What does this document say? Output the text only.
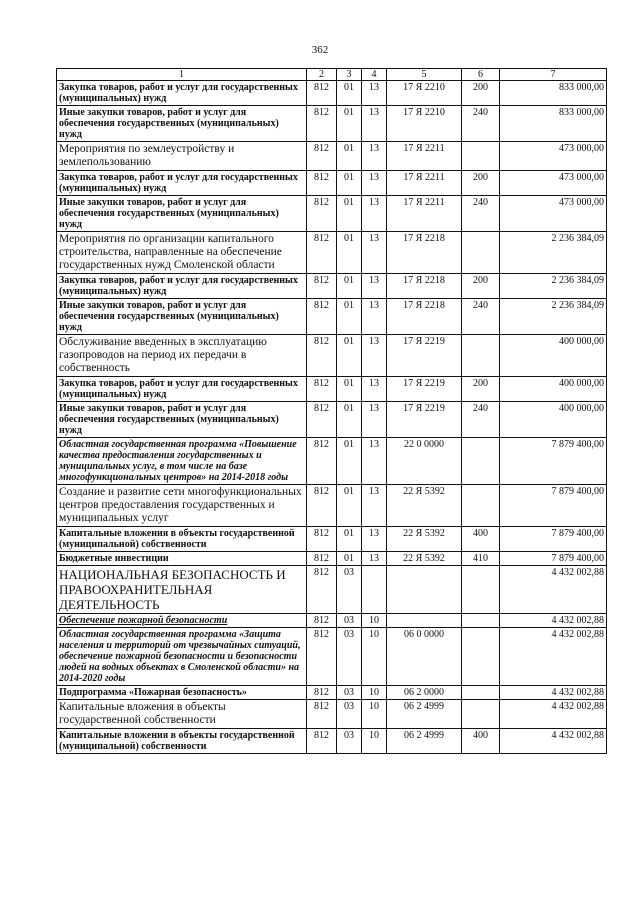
362
1	2	3	4	5	6	7
Закупка товаров, работ и услуг для государственных (муниципальных) нужд	812	01	13	17 Я 2210	200	833 000,00
Иные закупки товаров, работ и услуг для обеспечения государственных (муниципальных) нужд	812	01	13	17 Я 2210	240	833 000,00
Мероприятия по землеустройству и землепользованию	812	01	13	17 Я 2211		473 000,00
Закупка товаров, работ и услуг для государственных (муниципальных) нужд	812	01	13	17 Я 2211	200	473 000,00
Иные закупки товаров, работ и услуг для обеспечения государственных (муниципальных) нужд	812	01	13	17 Я 2211	240	473 000,00
Мероприятия по организации капитального строительства, направленные на обеспечение государственных нужд Смоленской области	812	01	13	17 Я 2218		2 236 384,09
Закупка товаров, работ и услуг для государственных (муниципальных) нужд	812	01	13	17 Я 2218	200	2 236 384,09
Иные закупки товаров, работ и услуг для обеспечения государственных (муниципальных) нужд	812	01	13	17 Я 2218	240	2 236 384,09
Обслуживание введенных в эксплуатацию газопроводов на период их передачи в собственность	812	01	13	17 Я 2219		400 000,00
Закупка товаров, работ и услуг для государственных (муниципальных) нужд	812	01	13	17 Я 2219	200	400 000,00
Иные закупки товаров, работ и услуг для обеспечения государственных (муниципальных) нужд	812	01	13	17 Я 2219	240	400 000,00
Областная государственная программа «Повышение качества предоставления государственных и муниципальных услуг, в том числе на базе многофункциональных центров» на 2014-2018 годы	812	01	13	22 0 0000		7 879 400,00
Создание и развитие сети многофункциональных центров предоставления государственных и муниципальных услуг	812	01	13	22 Я 5392		7 879 400,00
Капитальные вложения в объекты государственной (муниципальной) собственности	812	01	13	22 Я 5392	400	7 879 400,00
Бюджетные инвестиции	812	01	13	22 Я 5392	410	7 879 400,00
НАЦИОНАЛЬНАЯ БЕЗОПАСНОСТЬ И ПРАВООХРАНИТЕЛЬНАЯ ДЕЯТЕЛЬНОСТЬ	812	03				4 432 002,88
Обеспечение пожарной безопасности	812	03	10			4 432 002,88
Областная государственная программа «Защита населения и территорий от чрезвычайных ситуаций, обеспечение пожарной безопасности и безопасности людей на водных объектах в Смоленской области» на 2014-2020 годы	812	03	10	06 0 0000		4 432 002,88
Подпрограмма «Пожарная безопасность»	812	03	10	06 2 0000		4 432 002,88
Капитальные вложения в объекты государственной собственности	812	03	10	06 2 4999		4 432 002,88
Капитальные вложения в объекты государственной (муниципальной) собственности	812	03	10	06 2 4999	400	4 432 002,88
